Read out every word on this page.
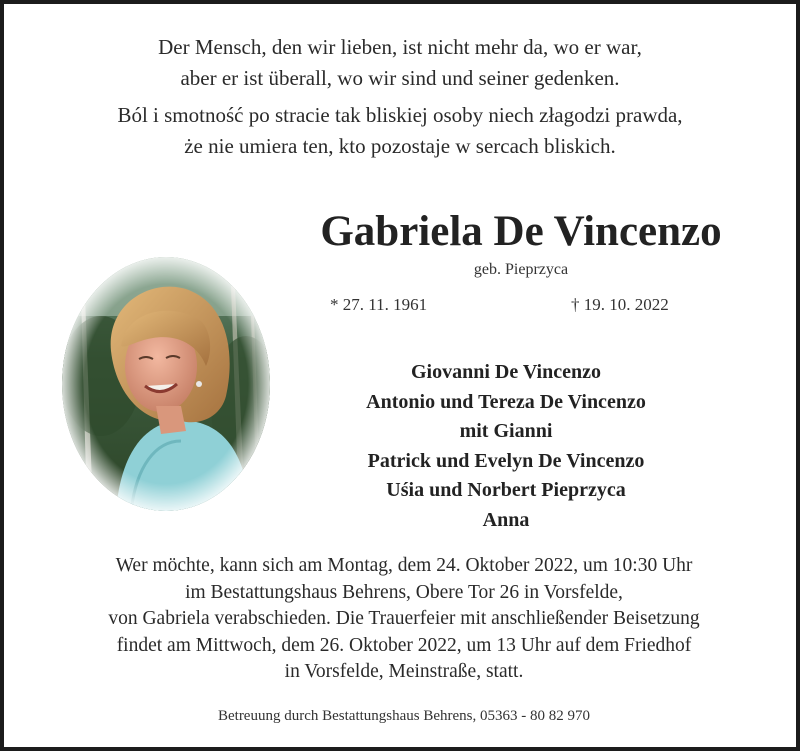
Der Mensch, den wir lieben, ist nicht mehr da, wo er war,
aber er ist überall, wo wir sind und seiner gedenken.
Ból i smotność po stracie tak bliskiej osoby niech złagodzi prawda,
że nie umiera ten, kto pozostaje w sercach bliskich.
Gabriela De Vincenzo
geb. Pieprzyca
* 27. 11. 1961	† 19. 10. 2022
Giovanni De Vincenzo
Antonio und Tereza De Vincenzo
mit Gianni
Patrick und Evelyn De Vincenzo
Uśia und Norbert Pieprzyca
Anna
Wer möchte, kann sich am Montag, dem 24. Oktober 2022, um 10:30 Uhr
im Bestattungshaus Behrens, Obere Tor 26 in Vorsfelde,
von Gabriela verabschieden. Die Trauerfeier mit anschließender Beisetzung
findet am Mittwoch, dem 26. Oktober 2022, um 13 Uhr auf dem Friedhof
in Vorsfelde, Meinstraße, statt.
Betreuung durch Bestattungshaus Behrens, 05363 - 80 82 970
